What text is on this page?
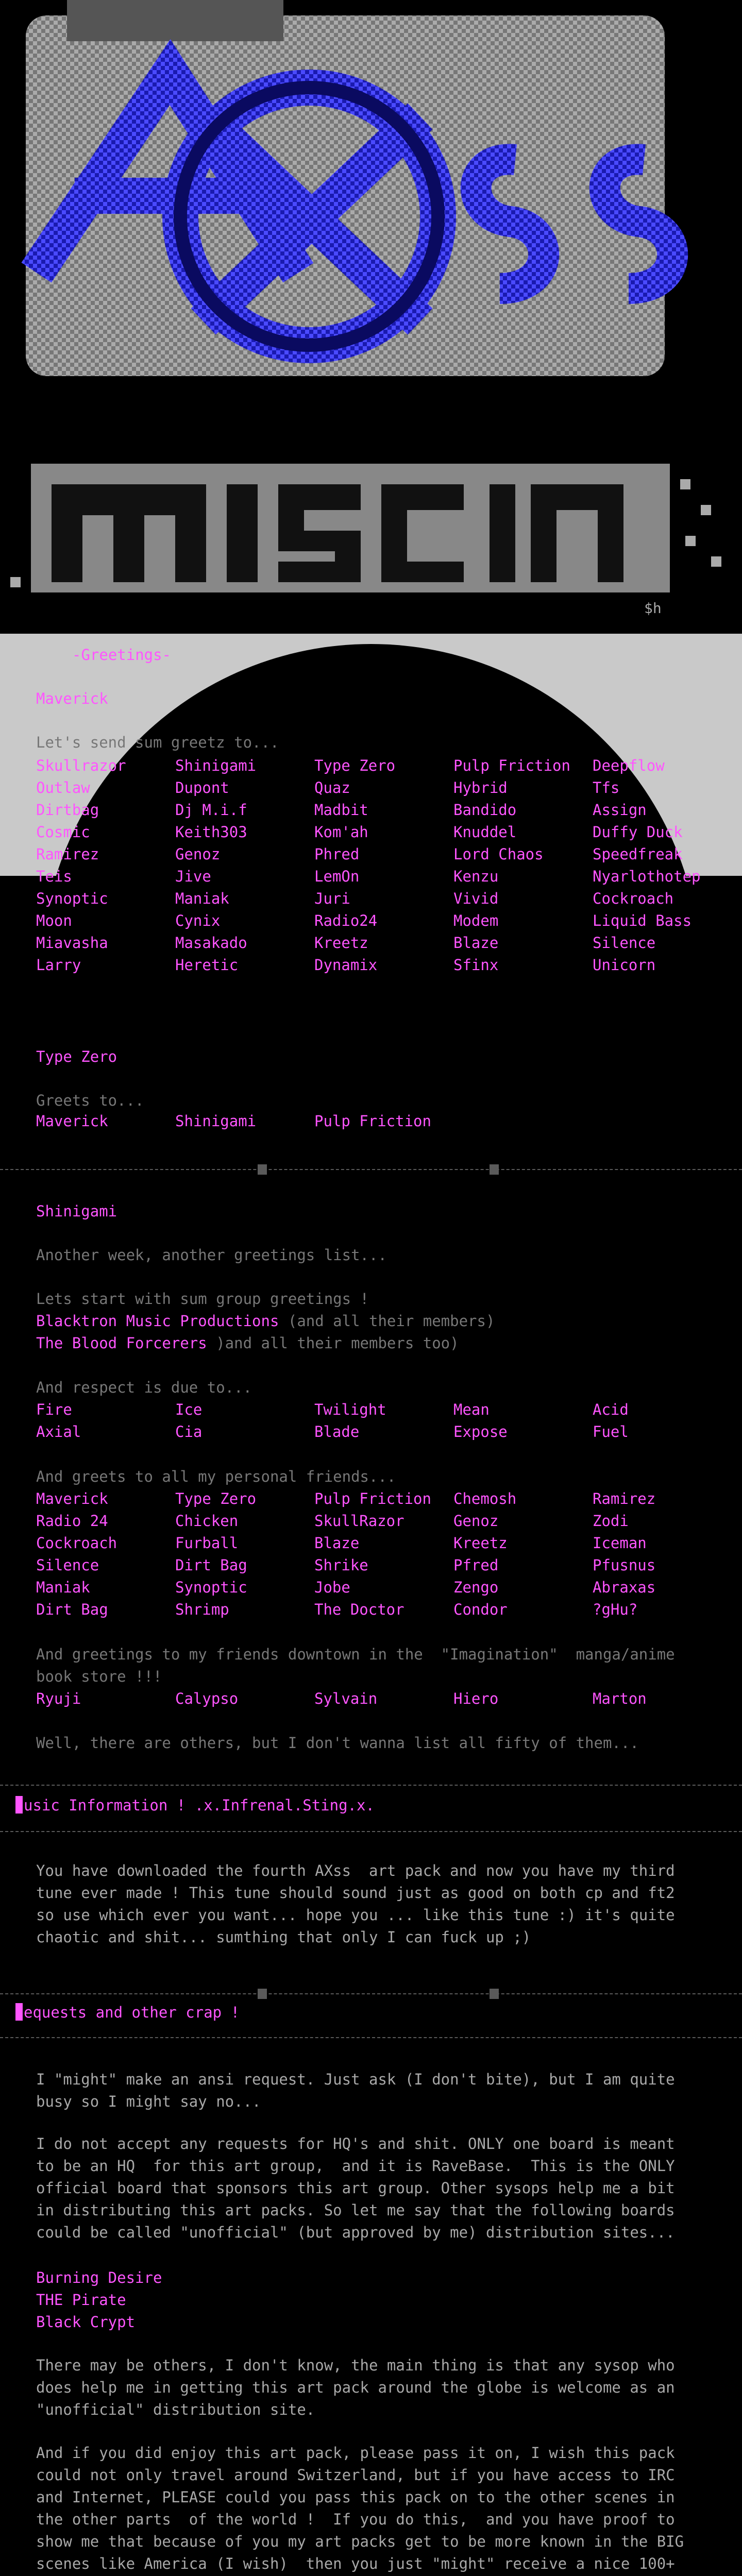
$h
-Greetings-
Maverick
Let's send sum greetz to...
Skullrazor	Shinigami	Type Zero	Pulp Friction	Deepflow
Outlaw	Dupont	Quaz	Hybrid	Tfs
Dirtbag	Dj M.i.f	Madbit	Bandido	Assign
Cosmic	Keith303	Kom'ah	Knuddel	Duffy Duck
Ramirez	Genoz	Phred	Lord Chaos	Speedfreak
Teis	Jive	LemOn	Kenzu	Nyarlothotep
Synoptic	Maniak	Juri	Vivid	Cockroach
Moon	Cynix	Radio24	Modem	Liquid Bass
Miavasha	Masakado	Kreetz	Blaze	Silence
Larry	Heretic	Dynamix	Sfinx	Unicorn
Type Zero
Greets to...
Maverick	Shinigami	Pulp Friction
Shinigami
Another week, another greetings list...
Lets start with sum group greetings !
Blacktron Music Productions (and all their members)
The Blood Forcerers )and all their members too)
And respect is due to...
Fire	Ice	Twilight	Mean	Acid
Axial	Cia	Blade	Expose	Fuel
And greets to all my personal friends...
Maverick	Type Zero	Pulp Friction	Chemosh	Ramirez
Radio 24	Chicken	SkullRazor	Genoz	Zodi
Cockroach	Furball	Blaze	Kreetz	Iceman
Silence	Dirt Bag	Shrike	Pfred	Pfusnus
Maniak	Synoptic	Jobe	Zengo	Abraxas
Dirt Bag	Shrimp	The Doctor	Condor	?gHu?
And greetings to my friends downtown in the  "Imagination"  manga/anime
book store !!!
Ryuji	Calypso	Sylvain	Hiero	Marton
Well, there are others, but I don't wanna list all fifty of them...
usic Information ! .x.Infrenal.Sting.x.
You have downloaded the fourth AXss  art pack and now you have my third
tune ever made ! This tune should sound just as good on both cp and ft2
so use which ever you want... hope you ... like this tune :) it's quite
chaotic and shit... sumthing that only I can fuck up ;)
equests and other crap !
I "might" make an ansi request. Just ask (I don't bite), but I am quite
busy so I might say no...
I do not accept any requests for HQ's and shit. ONLY one board is meant
to be an HQ  for this art group,  and it is RaveBase.  This is the ONLY
official board that sponsors this art group. Other sysops help me a bit
in distributing this art packs. So let me say that the following boards
could be called "unofficial" (but approved by me) distribution sites...
Burning Desire
THE Pirate
Black Crypt
There may be others, I don't know, the main thing is that any sysop who
does help me in getting this art pack around the globe is welcome as an
"unofficial" distribution site.
And if you did enjoy this art pack, please pass it on, I wish this pack
could not only travel around Switzerland, but if you have access to IRC
and Internet, PLEASE could you pass this pack on to the other scenes in
the other parts  of the world !  If you do this,  and you have proof to
show me that because of you my art packs get to be more known in the BIG
scenes like America (I wish)  then you just "might" receive a nice 100+
